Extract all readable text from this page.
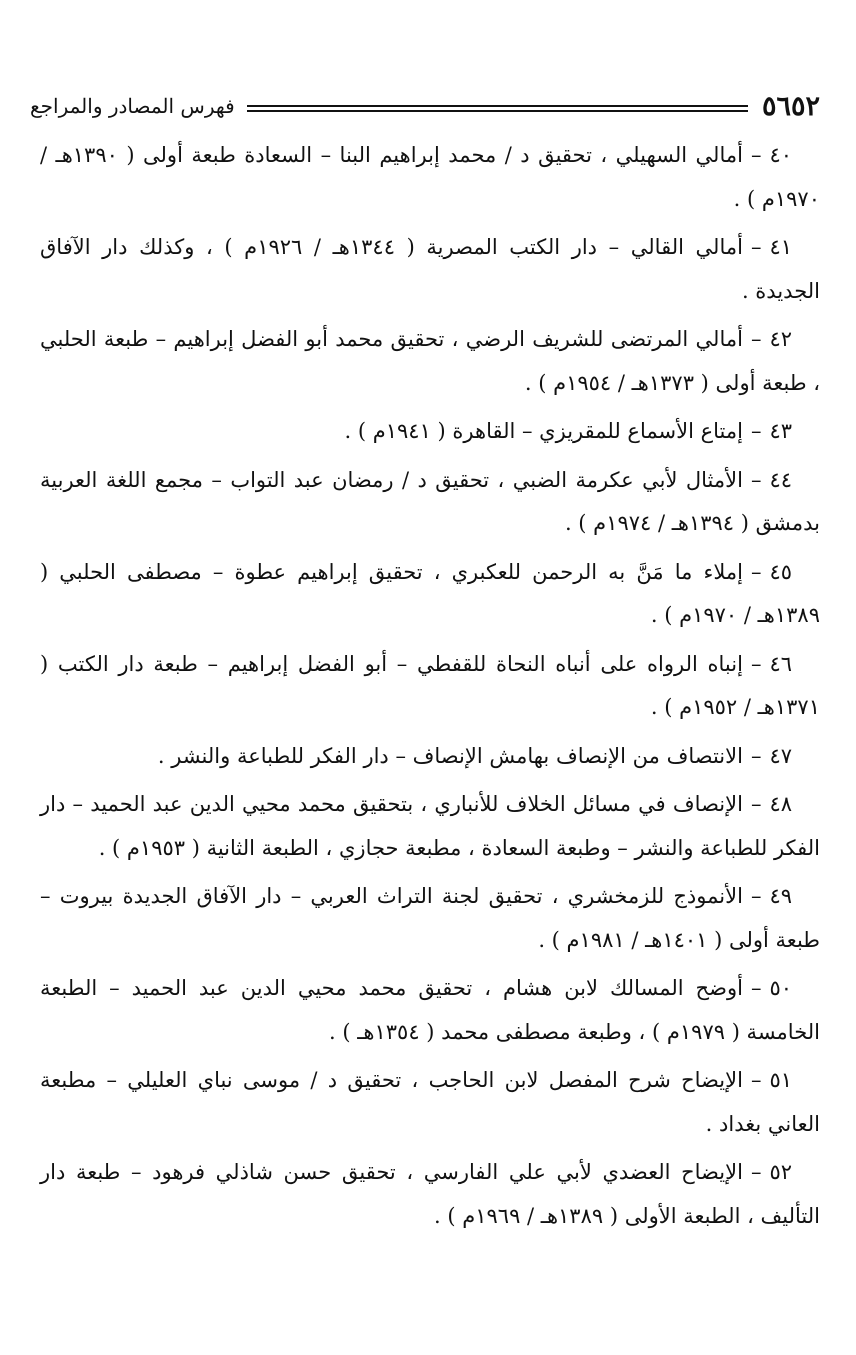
٥٦٥٢
فهرس المصادر والمراجع

٤٠–أمالي السهيلي ، تحقيق د / محمد إبراهيم البنا – السعادة طبعة أولى ( ١٣٩٠هـ / ١٩٧٠م ) .

٤١–أمالي القالي – دار الكتب المصرية ( ١٣٤٤هـ / ١٩٢٦م ) ، وكذلك دار الآفاق الجديدة .

٤٢–أمالي المرتضى للشريف الرضي ، تحقيق محمد أبو الفضل إبراهيم – طبعة الحلبي ، طبعة أولى ( ١٣٧٣هـ / ١٩٥٤م ) .

٤٣–إمتاع الأسماع للمقريزي – القاهرة ( ١٩٤١م ) .

٤٤–الأمثال لأبي عكرمة الضبي ، تحقيق د / رمضان عبد التواب – مجمع اللغة العربية بدمشق ( ١٣٩٤هـ / ١٩٧٤م ) .

٤٥–إملاء ما مَنَّ به الرحمن للعكبري ، تحقيق إبراهيم عطوة – مصطفى الحلبي ( ١٣٨٩هـ / ١٩٧٠م ) .

٤٦–إنباه الرواه على أنباه النحاة للقفطي – أبو الفضل إبراهيم – طبعة دار الكتب ( ١٣٧١هـ / ١٩٥٢م ) .

٤٧–الانتصاف من الإنصاف بهامش الإنصاف – دار الفكر للطباعة والنشر .

٤٨–الإنصاف في مسائل الخلاف للأنباري ، بتحقيق محمد محيي الدين عبد الحميد – دار الفكر للطباعة والنشر – وطبعة السعادة ، مطبعة حجازي ، الطبعة الثانية ( ١٩٥٣م ) .

٤٩–الأنموذج للزمخشري ، تحقيق لجنة التراث العربي – دار الآفاق الجديدة بيروت – طبعة أولى ( ١٤٠١هـ / ١٩٨١م ) .

٥٠–أوضح المسالك لابن هشام ، تحقيق محمد محيي الدين عبد الحميد – الطبعة الخامسة ( ١٩٧٩م ) ، وطبعة مصطفى محمد ( ١٣٥٤هـ ) .

٥١–الإيضاح شرح المفصل لابن الحاجب ، تحقيق د / موسى نباي العليلي – مطبعة العاني بغداد .

٥٢–الإيضاح العضدي لأبي علي الفارسي ، تحقيق حسن شاذلي فرهود – طبعة دار التأليف ، الطبعة الأولى ( ١٣٨٩هـ / ١٩٦٩م ) .
